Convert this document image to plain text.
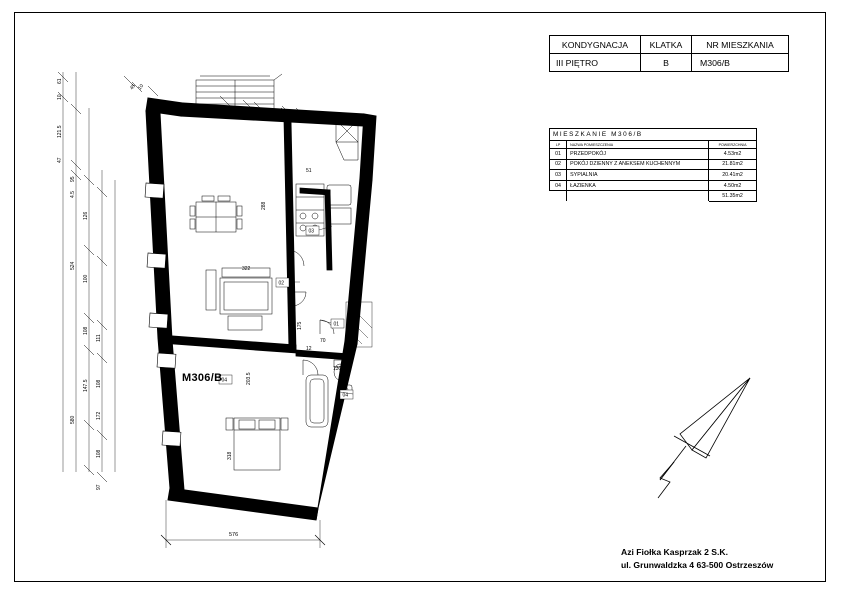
61
10
121.5
47
95
4.5
126
100
524
108
147.5
111
108
580	172
108
97
45 10
51
576
288
322
175
12
70
130
203.5
318
03
02
01
04
04
M306/B
KONDYGNACJA	KLATKA	NR MIESZKANIA
III PIĘTRO	B	M306/B
MIESZKANIE M306/B		
LP	NAZWA POMIESZCZENIA	POWIERZCHNIA
01	PRZEDPOKÓJ	4.53m2
02	POKÓJ DZIENNY Z ANEKSEM KUCHENNYM	21.81m2
03	SYPIALNIA	20.41m2
04	ŁAZIENKA	4.50m2
		51.35m2
Azi Fiołka Kasprzak 2 S.K.
ul. Grunwaldzka 4 63-500 Ostrzeszów
